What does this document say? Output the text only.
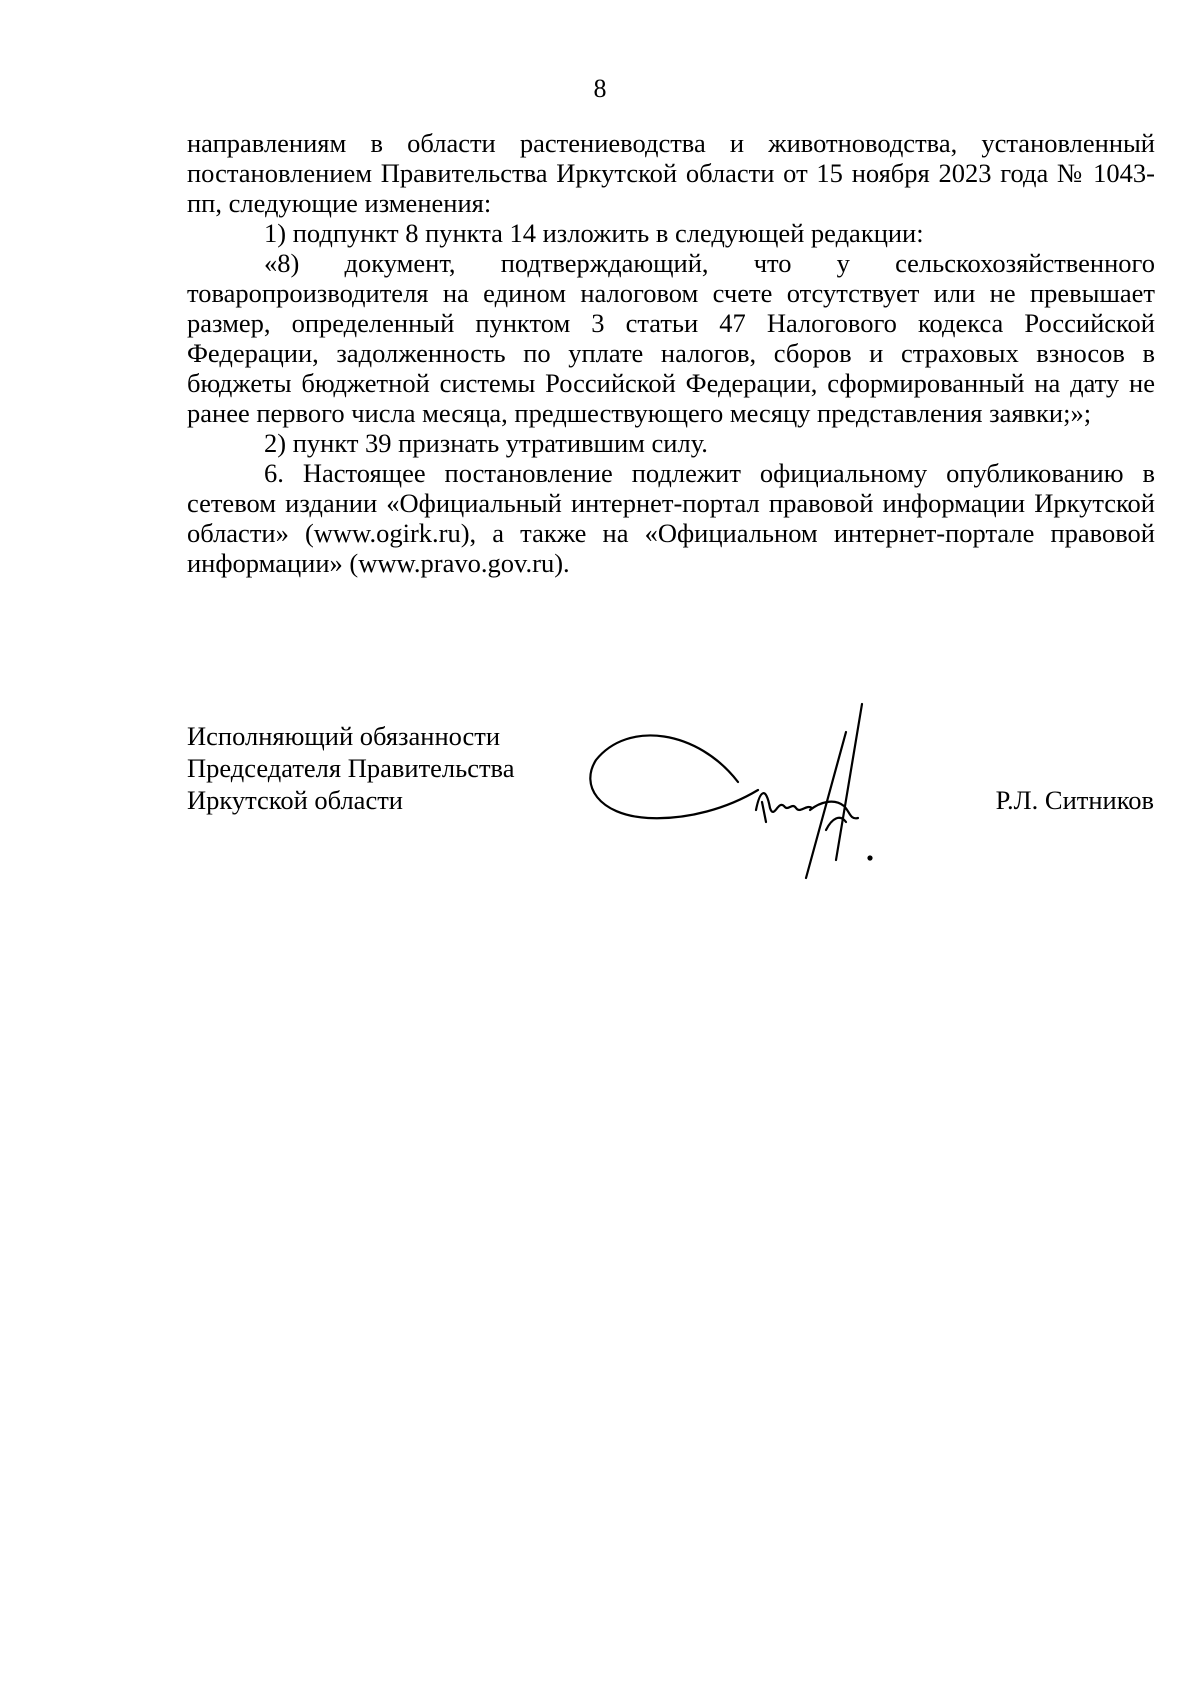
8

направлениям в области растениеводства и животноводства, установленный постановлением Правительства Иркутской области от 15 ноября 2023 года № 1043-пп, следующие изменения:

1) подпункт 8 пункта 14 изложить в следующей редакции:

«8) документ, подтверждающий, что у сельскохозяйственного товаропроизводителя на едином налоговом счете отсутствует или не превышает размер, определенный пунктом 3 статьи 47 Налогового кодекса Российской Федерации, задолженность по уплате налогов, сборов и страховых взносов в бюджеты бюджетной системы Российской Федерации, сформированный на дату не ранее первого числа месяца, предшествующего месяцу представления заявки;»;

2) пункт 39 признать утратившим силу.

6. Настоящее постановление подлежит официальному опубликованию в сетевом издании «Официальный интернет-портал правовой информации Иркутской области» (www.ogirk.ru), а также на «Официальном интернет-портале правовой информации» (www.pravo.gov.ru).

Исполняющий обязанности
Председателя Правительства
Иркутской области	Р.Л. Ситников
